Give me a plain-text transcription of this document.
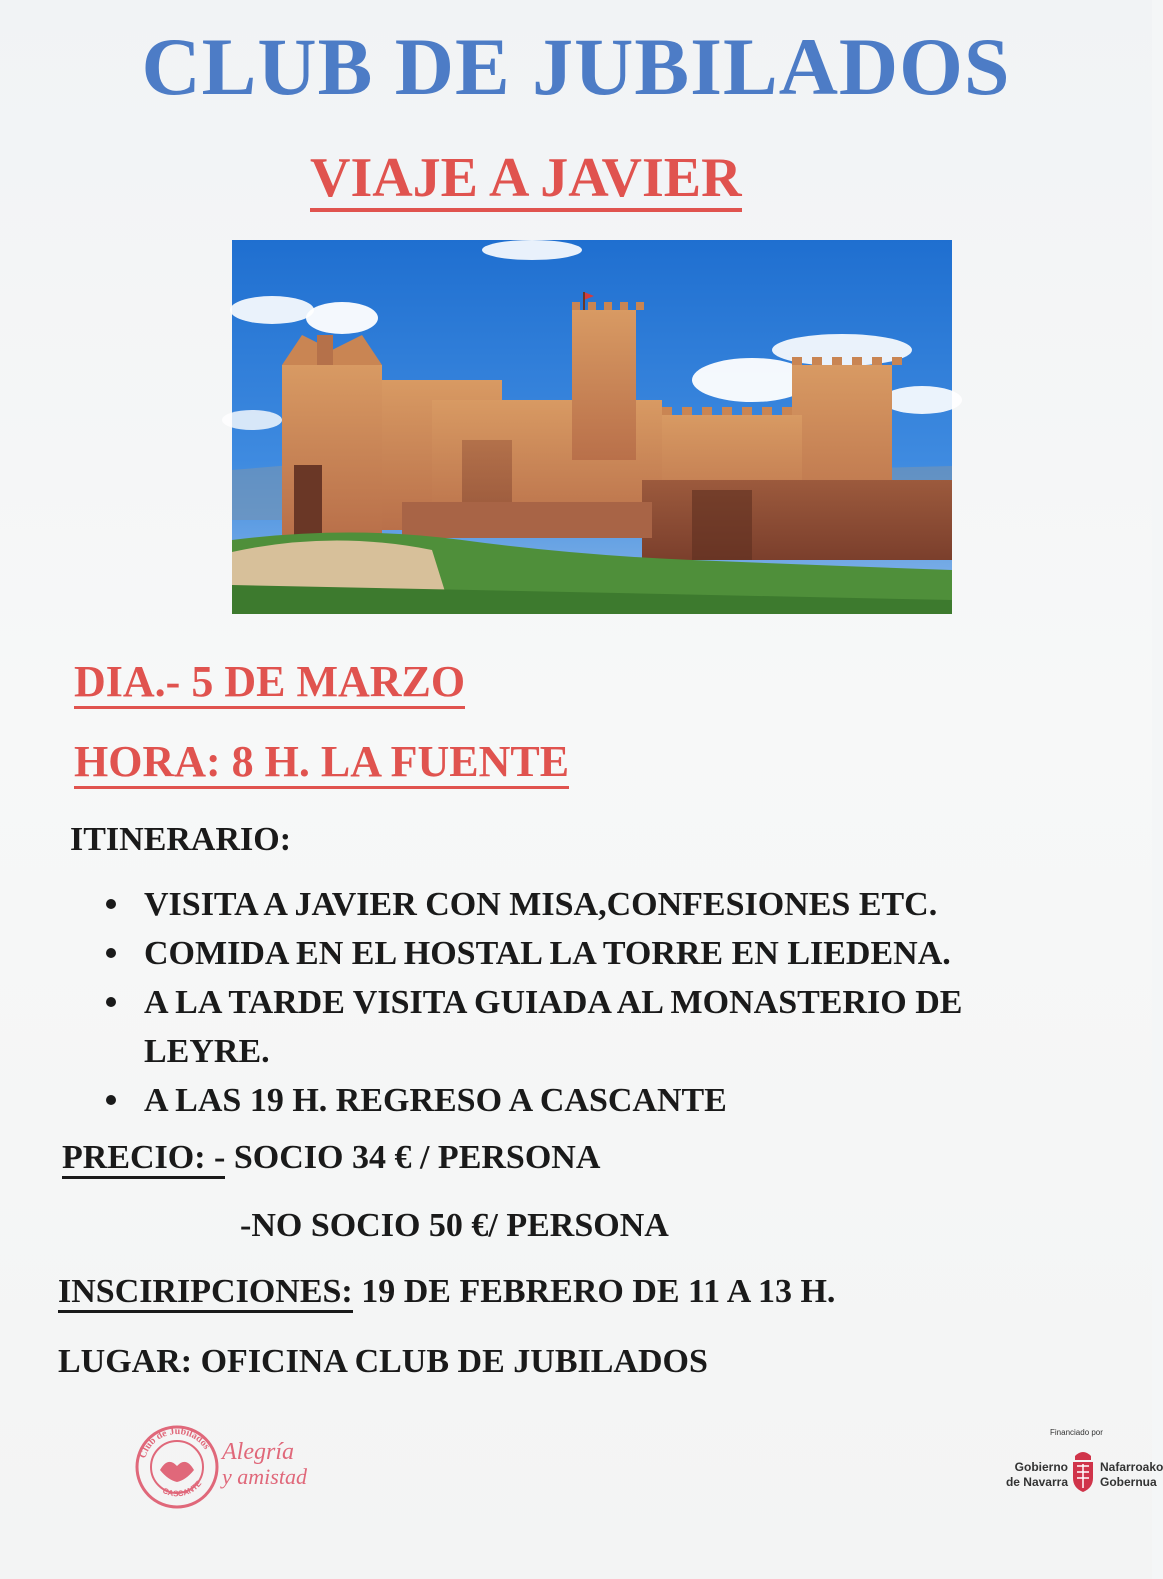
CLUB DE JUBILADOS
VIAJE A JAVIER

DIA.- 5 DE MARZO

HORA: 8 H. LA FUENTE

ITINERARIO:

VISITA A JAVIER CON MISA,CONFESIONES ETC.
COMIDA EN EL HOSTAL LA TORRE EN LIEDENA.
A LA TARDE VISITA GUIADA AL MONASTERIO DE LEYRE.
A LAS 19 H. REGRESO A CASCANTE

PRECIO: - SOCIO 34 € / PERSONA

-NO SOCIO 50 €/ PERSONA

INSCIRIPCIONES: 19 DE FEBRERO DE 11 A 13 H.

LUGAR: OFICINA CLUB DE JUBILADOS

Club de Jubilados
CASCANTE
Alegría
y amistad
Financiado por
Gobierno
de Navarra
Nafarroako
Gobernua
